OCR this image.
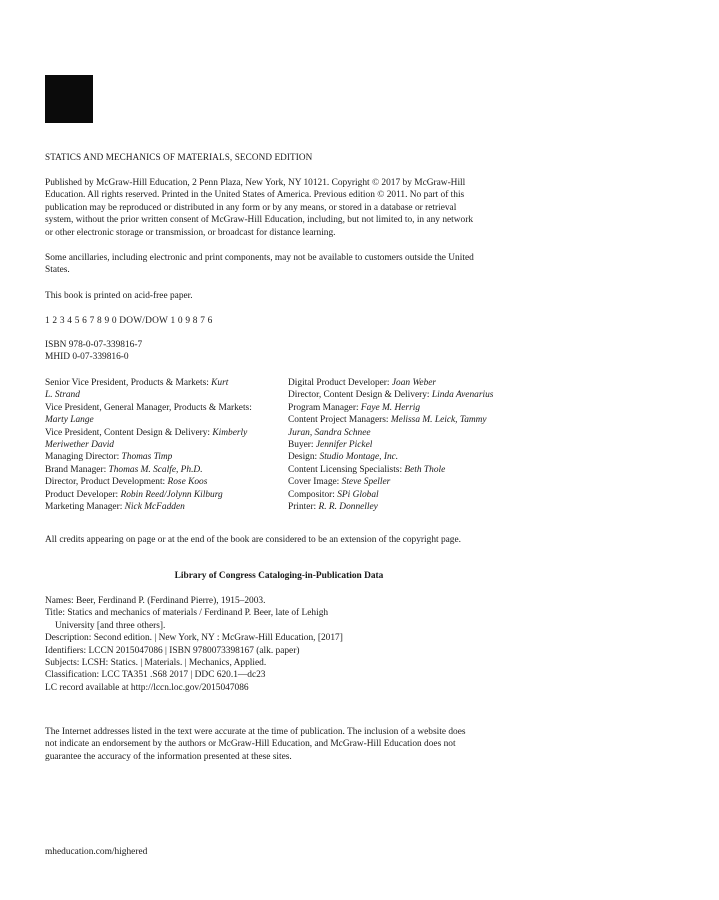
STATICS AND MECHANICS OF MATERIALS, SECOND EDITION
Published by McGraw-Hill Education, 2 Penn Plaza, New York, NY 10121. Copyright © 2017 by McGraw-Hill
Education. All rights reserved. Printed in the United States of America. Previous edition © 2011. No part of this
publication may be reproduced or distributed in any form or by any means, or stored in a database or retrieval
system, without the prior written consent of McGraw-Hill Education, including, but not limited to, in any network
or other electronic storage or transmission, or broadcast for distance learning.
Some ancillaries, including electronic and print components, may not be available to customers outside the United
States.
This book is printed on acid-free paper.
1 2 3 4 5 6 7 8 9 0 DOW/DOW 1 0 9 8 7 6
ISBN 978-0-07-339816-7
MHID 0-07-339816-0
Senior Vice President, Products & Markets: Kurt
L. Strand
Vice President, General Manager, Products & Markets:
Marty Lange
Vice President, Content Design & Delivery: Kimberly
Meriwether David
Managing Director: Thomas Timp
Brand Manager: Thomas M. Scalfe, Ph.D.
Director, Product Development: Rose Koos
Product Developer: Robin Reed/Jolynn Kilburg
Marketing Manager: Nick McFadden
Digital Product Developer: Joan Weber
Director, Content Design & Delivery: Linda Avenarius
Program Manager: Faye M. Herrig
Content Project Managers: Melissa M. Leick, Tammy
Juran, Sandra Schnee
Buyer: Jennifer Pickel
Design: Studio Montage, Inc.
Content Licensing Specialists: Beth Thole
Cover Image: Steve Speller
Compositor: SPi Global
Printer: R. R. Donnelley
All credits appearing on page or at the end of the book are considered to be an extension of the copyright page.
Library of Congress Cataloging-in-Publication Data
Names: Beer, Ferdinand P. (Ferdinand Pierre), 1915–2003.
Title: Statics and mechanics of materials / Ferdinand P. Beer, late of Lehigh
University [and three others].
Description: Second edition. | New York, NY : McGraw-Hill Education, [2017]
Identifiers: LCCN 2015047086 | ISBN 9780073398167 (alk. paper)
Subjects: LCSH: Statics. | Materials. | Mechanics, Applied.
Classification: LCC TA351 .S68 2017 | DDC 620.1—dc23
LC record available at http://lccn.loc.gov/2015047086
The Internet addresses listed in the text were accurate at the time of publication. The inclusion of a website does
not indicate an endorsement by the authors or McGraw-Hill Education, and McGraw-Hill Education does not
guarantee the accuracy of the information presented at these sites.
mheducation.com/highered
